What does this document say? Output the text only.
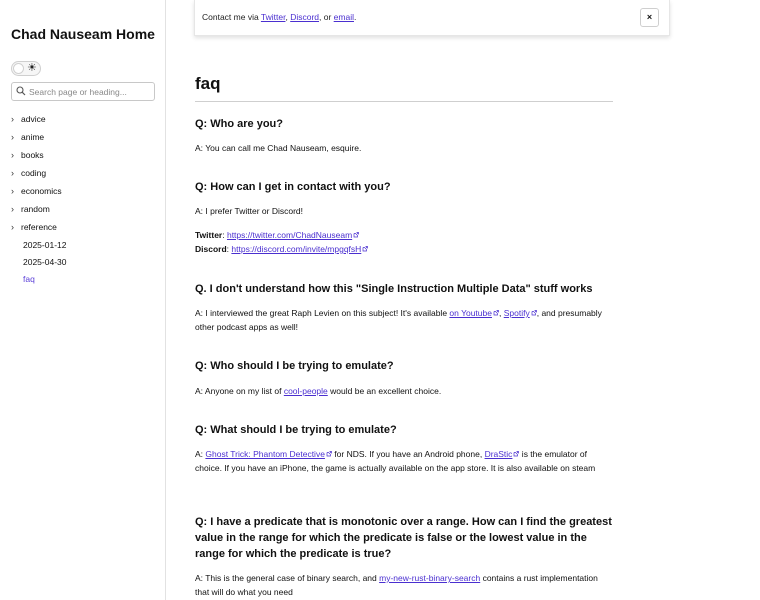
Chad Nauseam Home
☀
Search page or heading...
› advice
› anime
› books
› coding
› economics
› random
› reference
2025-01-12
2025-04-30
faq
Contact me via Twitter, Discord, or email.	×
faq
Q: Who are you?

A: You can call me Chad Nauseam, esquire.

Q: How can I get in contact with you?

A: I prefer Twitter or Discord!

Twitter: https://twitter.com/ChadNauseam

Discord: https://discord.com/invite/mpgqfsH

Q. I don't understand how this "Single Instruction Multiple Data" stuff works

A: I interviewed the great Raph Levien on this subject! It's available on Youtube , Spotify , and presumably other podcast apps as well!

Q: Who should I be trying to emulate?

A: Anyone on my list of cool-people would be an excellent choice.

Q: What should I be trying to emulate?

A: Ghost Trick: Phantom Detective for NDS. If you have an Android phone, DraStic is the emulator of choice. If you have an iPhone, the game is actually available on the app store. It is also available on steam

Q: I have a predicate that is monotonic over a range. How can I find the greatest value in the range for which the predicate is false or the lowest value in the range for which the predicate is true?

A: This is the general case of binary search, and my-new-rust-binary-search contains a rust implementation that will do what you need
